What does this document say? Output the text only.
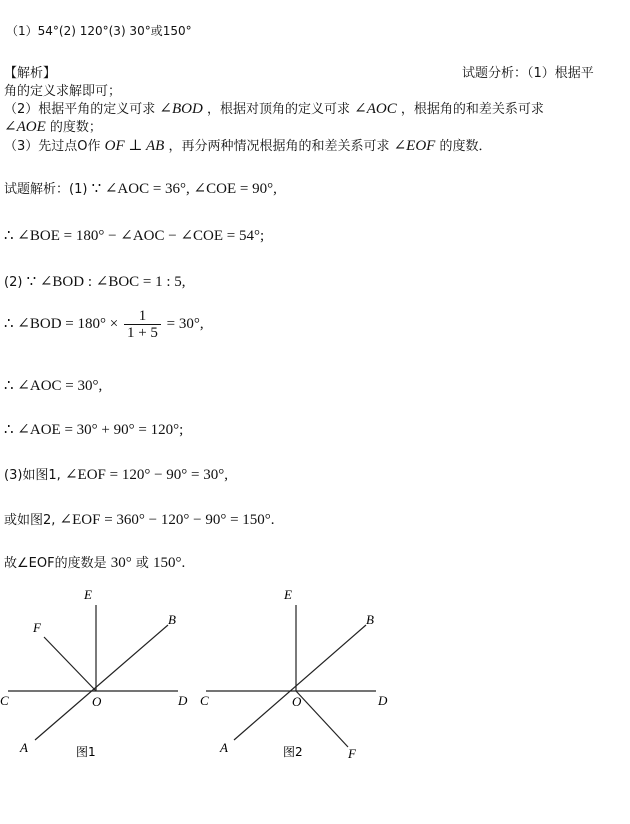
（1）54°(2) 120°(3) 30°或150°
【解析】	试题分析：（1）根据平
角的定义求解即可；
（2）根据平角的定义可求 ∠BOD ，根据对顶角的定义可求 ∠AOC ，根据角的和差关系可求
∠AOE 的度数；
（3）先过点O作 OF ⊥ AB ，再分两种情况根据角的和差关系可求 ∠EOF 的度数．
试题解析：(1) ∵ ∠AOC = 36°, ∠COE = 90°,
∴ ∠BOE = 180° − ∠AOC − ∠COE = 54°;
(2) ∵ ∠BOD : ∠BOC = 1 : 5,
∴ ∠BOD = $180^\circ \times \frac{1}{1 + 5} = 30^\circ$,
∴ ∠AOC = 30°,
∴ ∠AOE = 30° + 90° = 120°;
(3)如图1, ∠EOF = 120° − 90° = 30°,
或如图2, ∠EOF = 360° − 120° − 90° = 150°.
故∠EOF的度数是 30° 或 150°.
E
F
B
C	O	D
A	图1
E
B
C	O	D
A	F
图2
